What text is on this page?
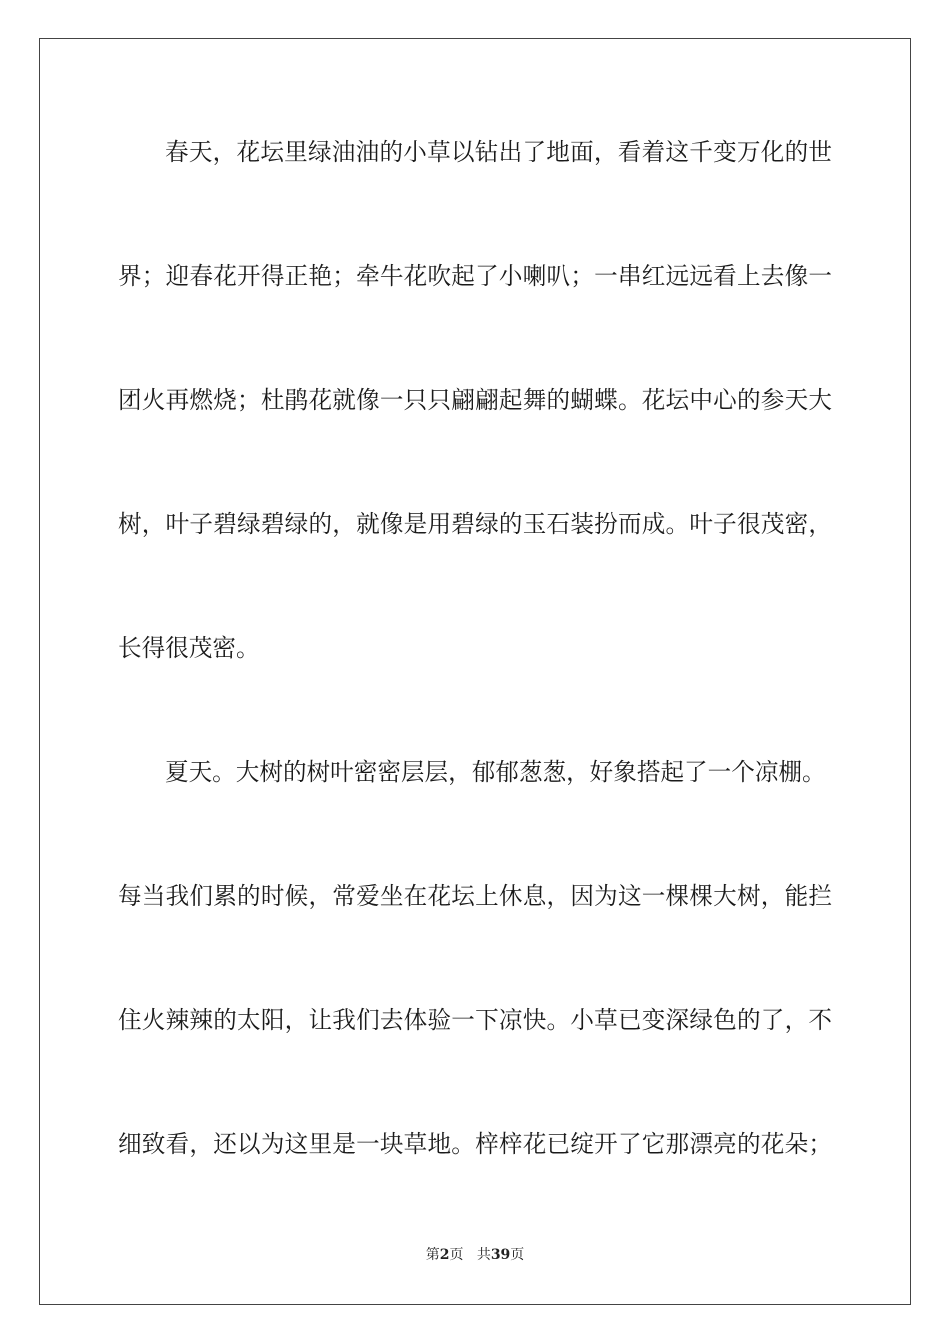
春天，花坛里绿油油的小草以钻出了地面，看着这千变万化的世
界；迎春花开得正艳；牵牛花吹起了小喇叭；一串红远远看上去像一
团火再燃烧；杜鹃花就像一只只翩翩起舞的蝴蝶。花坛中心的参天大
树，叶子碧绿碧绿的，就像是用碧绿的玉石装扮而成。叶子很茂密，
长得很茂密。
夏天。大树的树叶密密层层，郁郁葱葱，好象搭起了一个凉棚。
每当我们累的时候，常爱坐在花坛上休息，因为这一棵棵大树，能拦
住火辣辣的太阳，让我们去体验一下凉快。小草已变深绿色的了，不
细致看，还以为这里是一块草地。梓梓花已绽开了它那漂亮的花朵；
第2页 共39页
